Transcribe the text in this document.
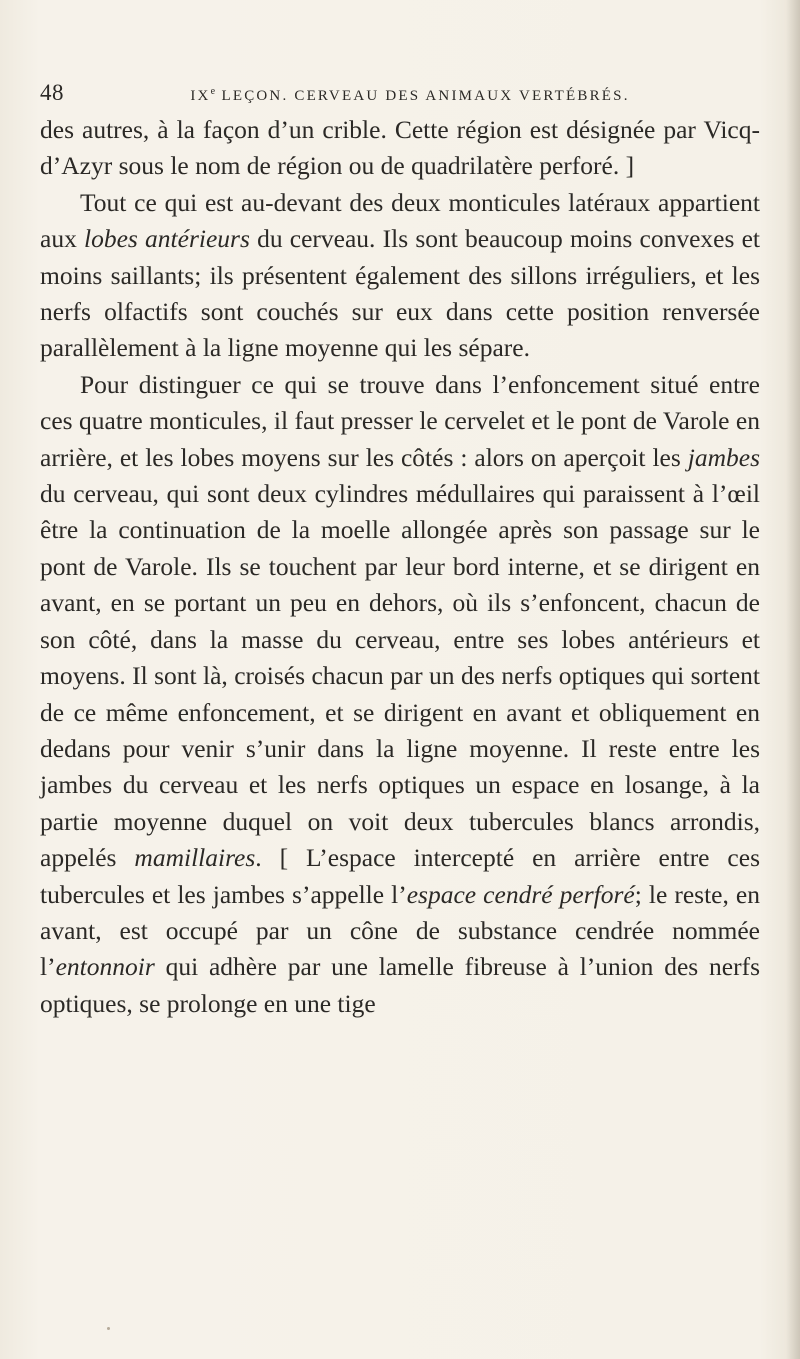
48	IXe LEÇON. CERVEAU DES ANIMAUX VERTÉBRÉS.

des autres, à la façon d’un crible. Cette région est désignée par Vicq-d’Azyr sous le nom de région ou de quadrilatère perforé. ]

Tout ce qui est au-devant des deux monticules latéraux appartient aux lobes antérieurs du cerveau. Ils sont beaucoup moins convexes et moins saillants; ils présentent également des sillons irréguliers, et les nerfs olfactifs sont couchés sur eux dans cette position renversée parallèlement à la ligne moyenne qui les sépare.

Pour distinguer ce qui se trouve dans l’enfoncement situé entre ces quatre monticules, il faut presser le cervelet et le pont de Varole en arrière, et les lobes moyens sur les côtés : alors on aperçoit les jambes du cerveau, qui sont deux cylindres médullaires qui paraissent à l’œil être la continuation de la moelle allongée après son passage sur le pont de Varole. Ils se touchent par leur bord interne, et se dirigent en avant, en se portant un peu en dehors, où ils s’enfoncent, chacun de son côté, dans la masse du cerveau, entre ses lobes antérieurs et moyens. Il sont là, croisés chacun par un des nerfs optiques qui sortent de ce même enfoncement, et se dirigent en avant et obliquement en dedans pour venir s’unir dans la ligne moyenne. Il reste entre les jambes du cerveau et les nerfs optiques un espace en losange, à la partie moyenne duquel on voit deux tubercules blancs arrondis, appelés mamillaires. [ L’espace intercepté en arrière entre ces tubercules et les jambes s’appelle l’espace cendré perforé; le reste, en avant, est occupé par un cône de substance cendrée nommée l’entonnoir qui adhère par une lamelle fibreuse à l’union des nerfs optiques, se prolonge en une tige
